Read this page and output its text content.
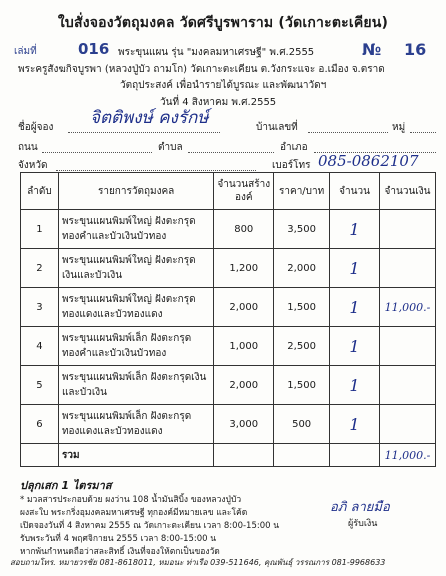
ใบสั่งจองวัตถุมงคล วัดศรีบูรพาราม (วัดเกาะตะเคียน)
เล่มที่	016	№ 16
พระขุนแผน รุ่น "มงคลมหาเศรษฐี" พ.ศ.2555
พระครูสังฆกิจบูรพา (หลวงปู่บัว ถามโก) วัดเกาะตะเคียน ต.วังกระแจะ อ.เมือง จ.ตราด
วัตถุประสงค์ เพื่อนำรายได้บูรณะ และพัฒนาวัดฯ
วันที่ 4 สิงหาคม พ.ศ.2555
ชื่อผู้จอง จิตติพงษ์ คงรักษ์	บ้านเลขที่	หมู่
ถนน	ตำบล	อำเภอ
จังหวัด	เบอร์โทร 085-0862107
ลำดับ	รายการวัตถุมงคล	จำนวนสร้าง องค์	ราคา/บาท	จำนวน	จำนวนเงิน
1	พระขุนแผนพิมพ์ใหญ่ ฝังตะกรุดทองคำและบัวเงินบัวทอง	800	3,500	1	
2	พระขุนแผนพิมพ์ใหญ่ ฝังตะกรุดเงินและบัวเงิน	1,200	2,000	1	
3	พระขุนแผนพิมพ์ใหญ่ ฝังตะกรุดทองแดงและบัวทองแดง	2,000	1,500	1	11,000.-
4	พระขุนแผนพิมพ์เล็ก ฝังตะกรุดทองคำและบัวเงินบัวทอง	1,000	2,500	1	
5	พระขุนแผนพิมพ์เล็ก ฝังตะกรุดเงินและบัวเงิน	2,000	1,500	1	
6	พระขุนแผนพิมพ์เล็ก ฝังตะกรุดทองแดงและบัวทองแดง	3,000	500	1	
	รวม				11,000.-
ปลุกเสก 1 ไตรมาส
* มวลสารประกอบด้วย ผงว่าน 108 น้ำมันสิบิ้ง ของหลวงปู่บัว
ผงสะใบ พระกริ่งอุมงคลมหาเศรษฐี ทุกองค์มีหมายเลข และโค้ด
เปิดจองวันที่ 4 สิงหาคม 2555 ณ วัดเกาะตะเคียน เวลา 8:00-15:00 น
รับพระวันที่ 4 พฤศจิกายน 2555 เวลา 8:00-15:00 น
หากพ้นกำหนดถือว่าสละสิทธิ์ เงินที่จองให้ตกเป็นของวัด
อภิ ลายมือ
ผู้รับเงิน
สอบถามโทร. หมายวรชัย 081-8618011, หมอนะ ท่าเรือ 039-511646, คุณพันธุ์ วรรณการ 081-9968633
